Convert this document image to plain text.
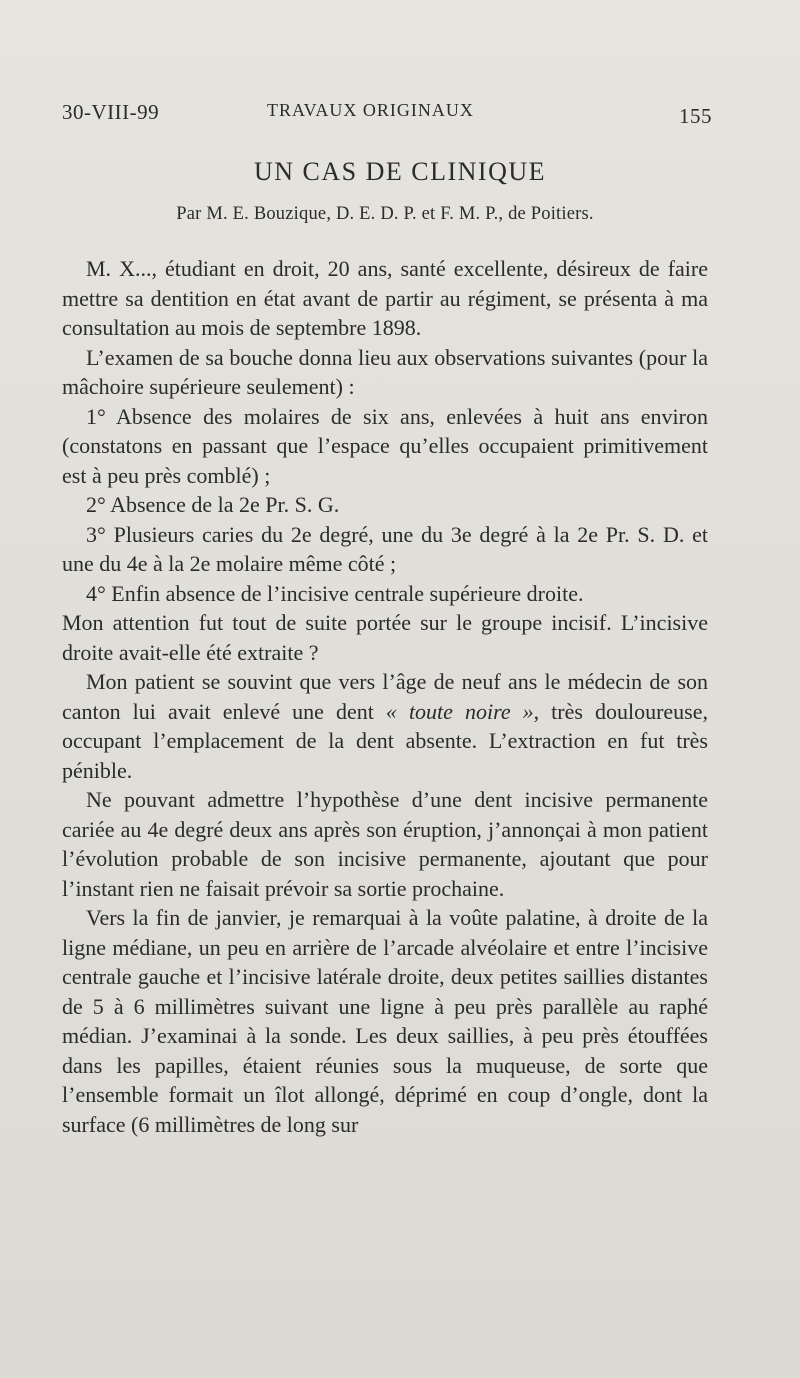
30-VIII-99	TRAVAUX ORIGINAUX	155
UN CAS DE CLINIQUE
Par M. E. Bouzique, D. E. D. P. et F. M. P., de Poitiers.

M. X..., étudiant en droit, 20 ans, santé excellente, désireux de faire mettre sa dentition en état avant de partir au régiment, se présenta à ma consultation au mois de septembre 1898.

L’examen de sa bouche donna lieu aux observations suivantes (pour la mâchoire supérieure seulement) :

1° Absence des molaires de six ans, enlevées à huit ans environ (constatons en passant que l’espace qu’elles occupaient primitivement est à peu près comblé) ;

2° Absence de la 2e Pr. S. G.

3° Plusieurs caries du 2e degré, une du 3e degré à la 2e Pr. S. D. et une du 4e à la 2e molaire même côté ;

4° Enfin absence de l’incisive centrale supérieure droite.

Mon attention fut tout de suite portée sur le groupe incisif. L’incisive droite avait-elle été extraite ?

Mon patient se souvint que vers l’âge de neuf ans le médecin de son canton lui avait enlevé une dent « toute noire », très douloureuse, occupant l’emplacement de la dent absente. L’extraction en fut très pénible.

Ne pouvant admettre l’hypothèse d’une dent incisive permanente cariée au 4e degré deux ans après son éruption, j’annonçai à mon patient l’évolution probable de son incisive permanente, ajoutant que pour l’instant rien ne faisait prévoir sa sortie prochaine.

Vers la fin de janvier, je remarquai à la voûte palatine, à droite de la ligne médiane, un peu en arrière de l’arcade alvéolaire et entre l’incisive centrale gauche et l’incisive latérale droite, deux petites saillies distantes de 5 à 6 millimètres suivant une ligne à peu près parallèle au raphé médian. J’examinai à la sonde. Les deux saillies, à peu près étouffées dans les papilles, étaient réunies sous la muqueuse, de sorte que l’ensemble formait un îlot allongé, déprimé en coup d’ongle, dont la surface (6 millimètres de long sur
